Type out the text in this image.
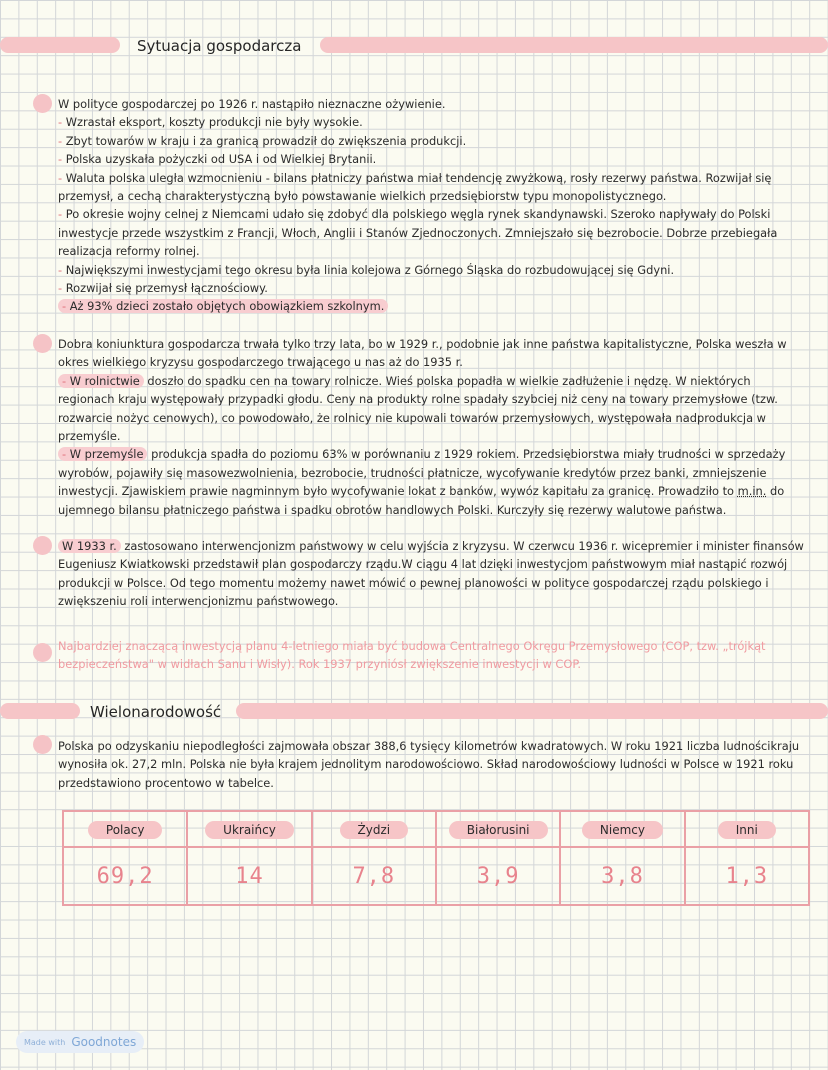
Sytuacja gospodarcza

W polityce gospodarczej po 1926 r. nastąpiło nieznaczne ożywienie.

- Wzrastał eksport, koszty produkcji nie były wysokie.

- Zbyt towarów w kraju i za granicą prowadził do zwiększenia produkcji.

- Polska uzyskała pożyczki od USA i od Wielkiej Brytanii.

- Waluta polska uległa wzmocnieniu - bilans płatniczy państwa miał tendencję zwyżkową, rosły rezerwy państwa. Rozwijał się przemysł, a cechą charakterystyczną było powstawanie wielkich przedsiębiorstw typu monopolistycznego.

- Po okresie wojny celnej z Niemcami udało się zdobyć dla polskiego węgla rynek skandynawski. Szeroko napływały do Polski inwestycje przede wszystkim z Francji, Włoch, Anglii i Stanów Zjednoczonych. Zmniejszało się bezrobocie. Dobrze przebiegała realizacja reformy rolnej.

- Największymi inwestycjami tego okresu była linia kolejowa z Górnego Śląska do rozbudowującej się Gdyni.

- Rozwijał się przemysł łącznościowy.

- Aż 93% dzieci zostało objętych obowiązkiem szkolnym.

Dobra koniunktura gospodarcza trwała tylko trzy lata, bo w 1929 r., podobnie jak inne państwa kapitalistyczne, Polska weszła w okres wielkiego kryzysu gospodarczego trwającego u nas aż do 1935 r.

- W rolnictwie doszło do spadku cen na towary rolnicze. Wieś polska popadła w wielkie zadłużenie i nędzę. W niektórych regionach kraju występowały przypadki głodu. Ceny na produkty rolne spadały szybciej niż ceny na towary przemysłowe (tzw. rozwarcie nożyc cenowych), co powodowało, że rolnicy nie kupowali towarów przemysłowych, występowała nadprodukcja w przemyśle.

- W przemyśle produkcja spadła do poziomu 63% w porównaniu z 1929 rokiem. Przedsiębiorstwa miały trudności w sprzedaży wyrobów, pojawiły się masowezwolnienia, bezrobocie, trudności płatnicze, wycofywanie kredytów przez banki, zmniejszenie inwestycji. Zjawiskiem prawie nagminnym było wycofywanie lokat z banków, wywóz kapitału za granicę. Prowadziło to m.in. do ujemnego bilansu płatniczego państwa i spadku obrotów handlowych Polski. Kurczyły się rezerwy walutowe państwa.

W 1933 r. zastosowano interwencjonizm państwowy w celu wyjścia z kryzysu. W czerwcu 1936 r. wicepremier i minister finansów Eugeniusz Kwiatkowski przedstawił plan gospodarczy rządu.W ciągu 4 lat dzięki inwestycjom państwowym miał nastąpić rozwój produkcji w Polsce. Od tego momentu możemy nawet mówić o pewnej planowości w polityce gospodarczej rządu polskiego i zwiększeniu roli interwencjonizmu państwowego.

Najbardziej znaczącą inwestycją planu 4-letniego miała być budowa Centralnego Okręgu Przemysłowego (COP, tzw. „trójkąt bezpieczeństwa" w widłach Sanu i Wisły). Rok 1937 przyniósł zwiększenie inwestycji w COP.

Wielonarodowość

Polska po odzyskaniu niepodległości zajmowała obszar 388,6 tysięcy kilometrów kwadratowych. W roku 1921 liczba ludnościkraju wynosiła ok. 27,2 mln. Polska nie była krajem jednolitym narodowościowo. Skład narodowościowy ludności w Polsce w 1921 roku przedstawiono procentowo w tabelce.

Polacy	Ukraińcy	Żydzi	Białorusini	Niemcy	Inni
69,2	14	7,8	3,9	3,8	1,3
Made with Goodnotes
